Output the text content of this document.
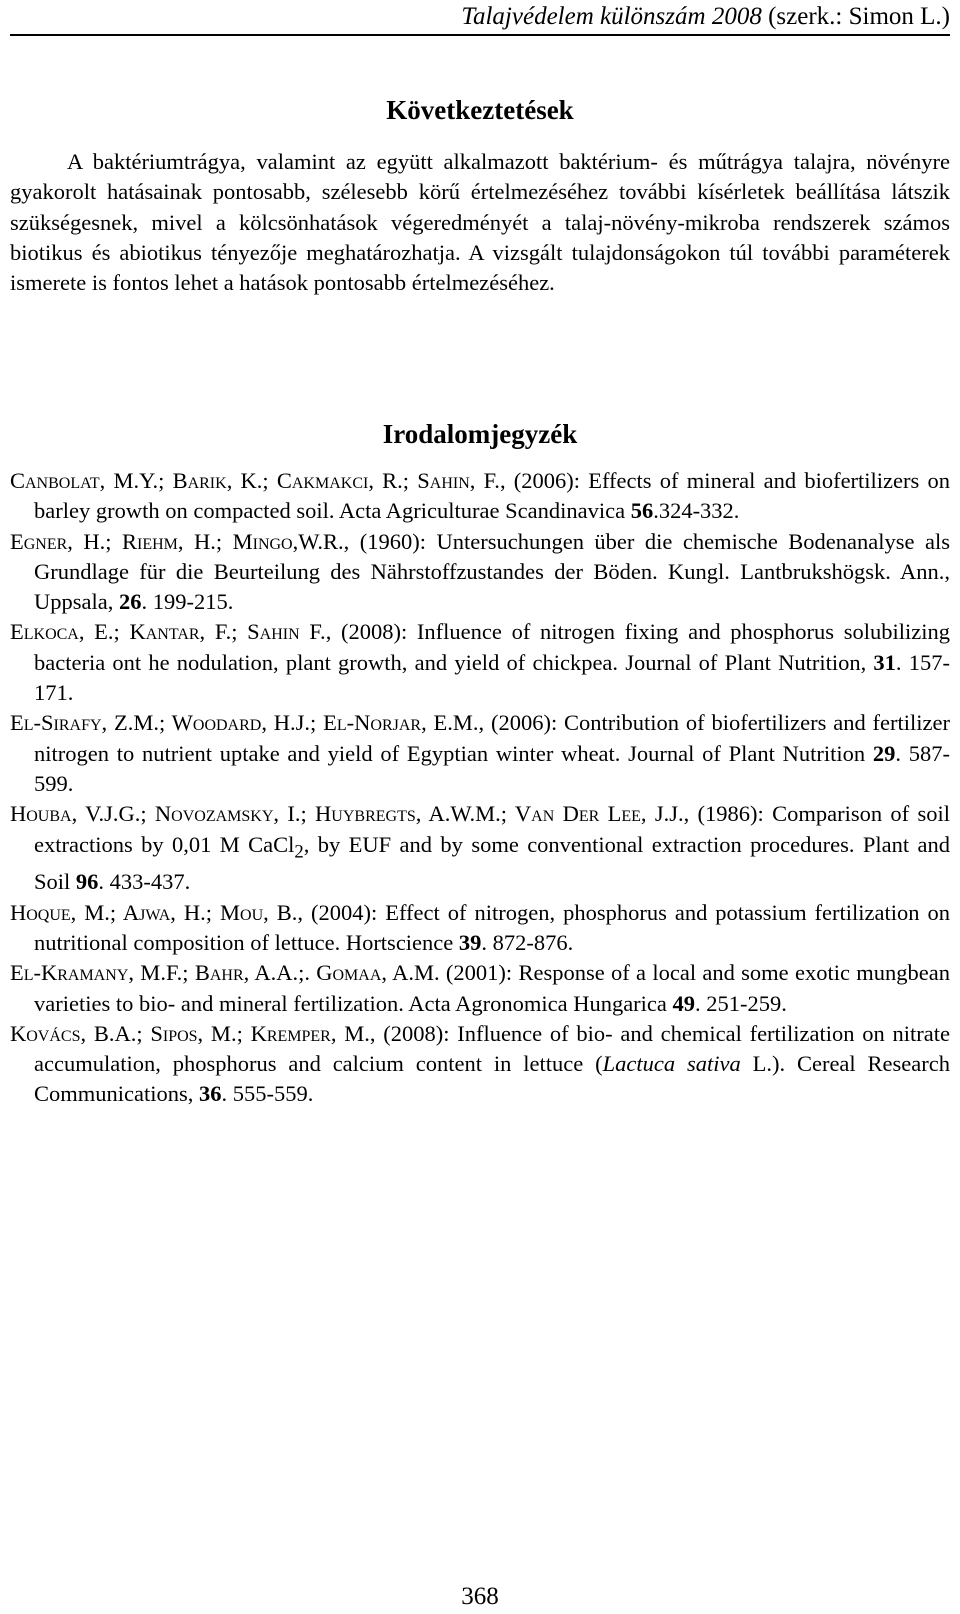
Talajvédelem különszám 2008 (szerk.: Simon L.)
Következtetések

A baktériumtrágya, valamint az együtt alkalmazott baktérium- és műtrágya talajra, növényre gyakorolt hatásainak pontosabb, szélesebb körű értelmezéséhez további kísérletek beállítása látszik szükségesnek, mivel a kölcsönhatások végeredményét a talaj-növény-mikroba rendszerek számos biotikus és abiotikus tényezője meghatározhatja. A vizsgált tulajdonságokon túl további paraméterek ismerete is fontos lehet a hatások pontosabb értelmezéséhez.

Irodalomjegyzék
Canbolat, M.Y.; Barik, K.; Cakmakci, R.; Sahin, F., (2006): Effects of mineral and biofertilizers on barley growth on compacted soil. Acta Agriculturae Scandinavica 56.324-332.
Egner, H.; Riehm, H.; Mingo,W.R., (1960): Untersuchungen über die chemische Bodenanalyse als Grundlage für die Beurteilung des Nährstoffzustandes der Böden. Kungl. Lantbrukshögsk. Ann., Uppsala, 26. 199-215.
Elkoca, E.; Kantar, F.; Sahin F., (2008): Influence of nitrogen fixing and phosphorus solubilizing bacteria ont he nodulation, plant growth, and yield of chickpea. Journal of Plant Nutrition, 31. 157-171.
El-Sirafy, Z.M.; Woodard, H.J.; El-Norjar, E.M., (2006): Contribution of biofertilizers and fertilizer nitrogen to nutrient uptake and yield of Egyptian winter wheat. Journal of Plant Nutrition 29. 587-599.
Houba, V.J.G.; Novozamsky, I.; Huybregts, A.W.M.; Van Der Lee, J.J., (1986): Comparison of soil extractions by 0,01 M CaCl$_2$, by EUF and by some conventional extraction procedures. Plant and Soil 96. 433-437.
Hoque, M.; Ajwa, H.; Mou, B., (2004): Effect of nitrogen, phosphorus and potassium fertilization on nutritional composition of lettuce. Hortscience 39. 872-876.
El-Kramany, M.F.; Bahr, A.A.;. Gomaa, A.M. (2001): Response of a local and some exotic mungbean varieties to bio- and mineral fertilization. Acta Agronomica Hungarica 49. 251-259.
Kovács, B.A.; Sipos, M.; Kremper, M., (2008): Influence of bio- and chemical fertilization on nitrate accumulation, phosphorus and calcium content in lettuce (Lactuca sativa L.). Cereal Research Communications, 36. 555-559.
368
